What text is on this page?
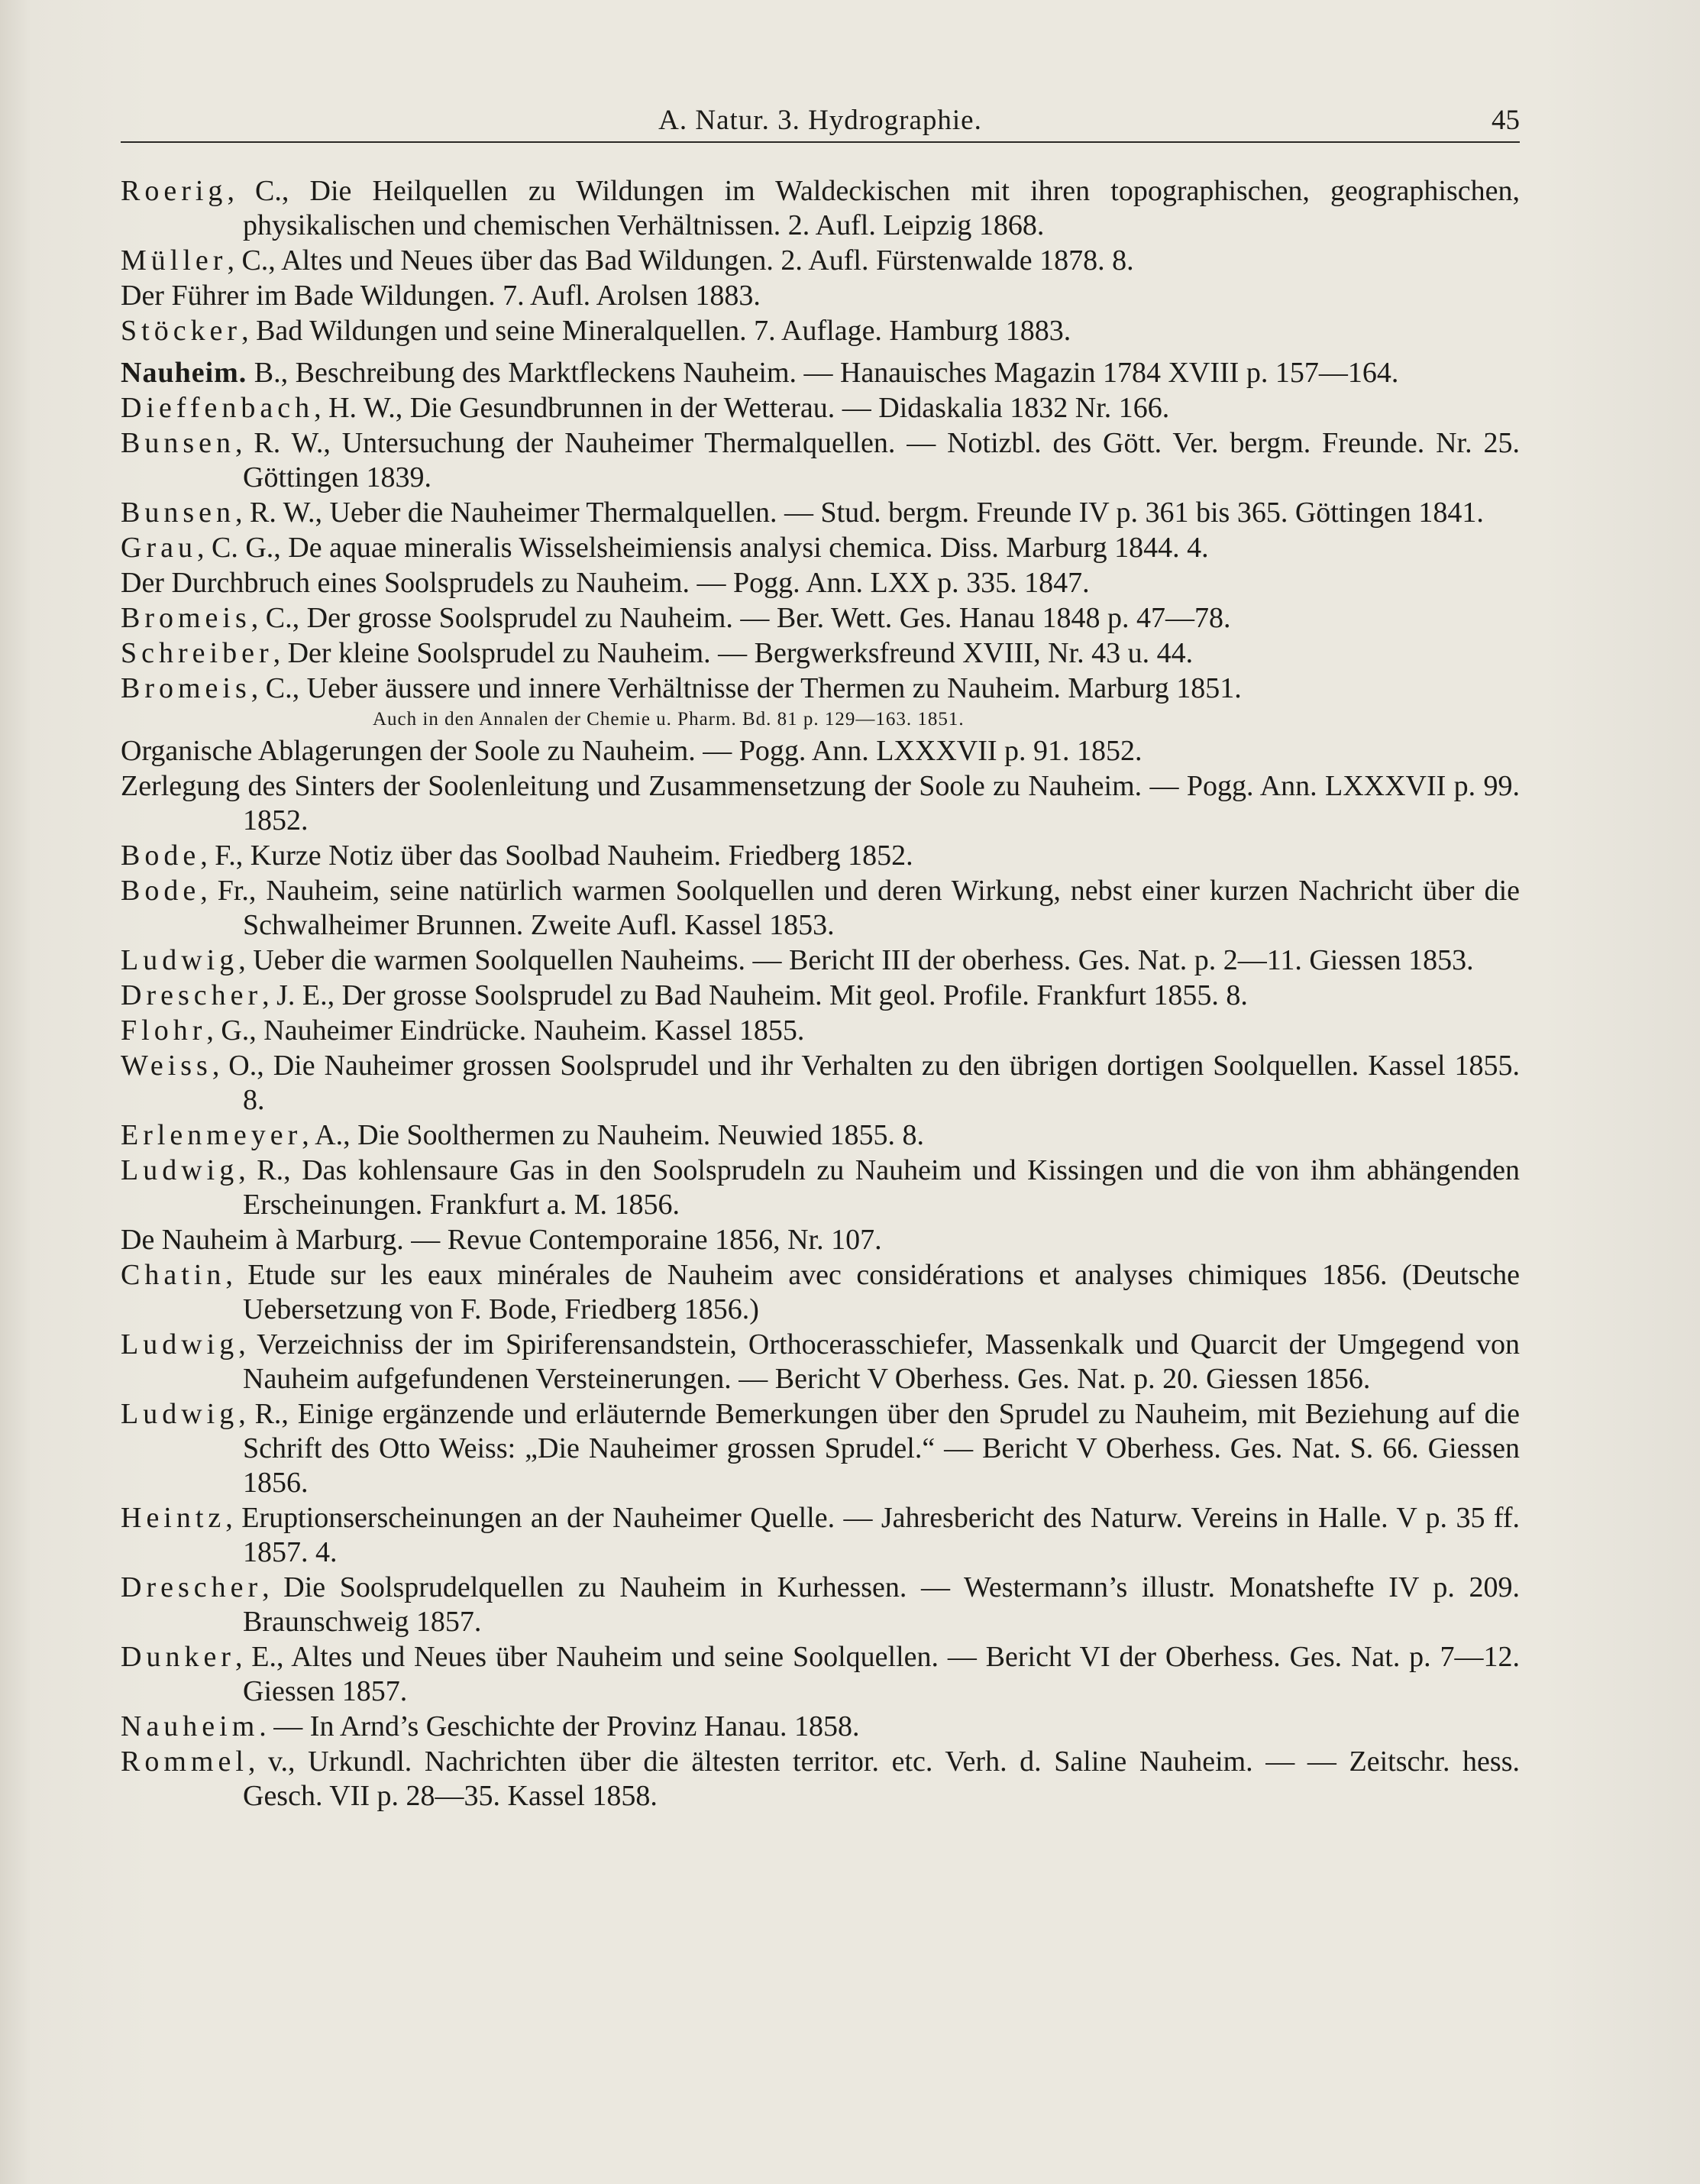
A. Natur. 3. Hydrographie.	45

Roerig, C., Die Heilquellen zu Wildungen im Waldeckischen mit ihren topographischen, geographischen, physikalischen und chemischen Verhältnissen. 2. Aufl. Leipzig 1868.

Müller, C., Altes und Neues über das Bad Wildungen. 2. Aufl. Fürstenwalde 1878. 8.

Der Führer im Bade Wildungen. 7. Aufl. Arolsen 1883.

Stöcker, Bad Wildungen und seine Mineralquellen. 7. Auflage. Hamburg 1883.

Nauheim. B., Beschreibung des Marktfleckens Nauheim. — Hanauisches Magazin 1784 XVIII p. 157—164.

Dieffenbach, H. W., Die Gesundbrunnen in der Wetterau. — Didaskalia 1832 Nr. 166.

Bunsen, R. W., Untersuchung der Nauheimer Thermalquellen. — Notizbl. des Gött. Ver. bergm. Freunde. Nr. 25. Göttingen 1839.

Bunsen, R. W., Ueber die Nauheimer Thermalquellen. — Stud. bergm. Freunde IV p. 361 bis 365. Göttingen 1841.

Grau, C. G., De aquae mineralis Wisselsheimiensis analysi chemica. Diss. Marburg 1844. 4.

Der Durchbruch eines Soolsprudels zu Nauheim. — Pogg. Ann. LXX p. 335. 1847.

Bromeis, C., Der grosse Soolsprudel zu Nauheim. — Ber. Wett. Ges. Hanau 1848 p. 47—78.

Schreiber, Der kleine Soolsprudel zu Nauheim. — Bergwerksfreund XVIII, Nr. 43 u. 44.

Bromeis, C., Ueber äussere und innere Verhältnisse der Thermen zu Nauheim. Marburg 1851.

Auch in den Annalen der Chemie u. Pharm. Bd. 81 p. 129—163. 1851.

Organische Ablagerungen der Soole zu Nauheim. — Pogg. Ann. LXXXVII p. 91. 1852.

Zerlegung des Sinters der Soolenleitung und Zusammensetzung der Soole zu Nauheim. — Pogg. Ann. LXXXVII p. 99. 1852.

Bode, F., Kurze Notiz über das Soolbad Nauheim. Friedberg 1852.

Bode, Fr., Nauheim, seine natürlich warmen Soolquellen und deren Wirkung, nebst einer kurzen Nachricht über die Schwalheimer Brunnen. Zweite Aufl. Kassel 1853.

Ludwig, Ueber die warmen Soolquellen Nauheims. — Bericht III der oberhess. Ges. Nat. p. 2—11. Giessen 1853.

Drescher, J. E., Der grosse Soolsprudel zu Bad Nauheim. Mit geol. Profile. Frankfurt 1855. 8.

Flohr, G., Nauheimer Eindrücke. Nauheim. Kassel 1855.

Weiss, O., Die Nauheimer grossen Soolsprudel und ihr Verhalten zu den übrigen dortigen Soolquellen. Kassel 1855. 8.

Erlenmeyer, A., Die Soolthermen zu Nauheim. Neuwied 1855. 8.

Ludwig, R., Das kohlensaure Gas in den Soolsprudeln zu Nauheim und Kissingen und die von ihm abhängenden Erscheinungen. Frankfurt a. M. 1856.

De Nauheim à Marburg. — Revue Contemporaine 1856, Nr. 107.

Chatin, Etude sur les eaux minérales de Nauheim avec considérations et analyses chimiques 1856. (Deutsche Uebersetzung von F. Bode, Friedberg 1856.)

Ludwig, Verzeichniss der im Spiriferensandstein, Orthocerasschiefer, Massenkalk und Quarcit der Umgegend von Nauheim aufgefundenen Versteinerungen. — Bericht V Oberhess. Ges. Nat. p. 20. Giessen 1856.

Ludwig, R., Einige ergänzende und erläuternde Bemerkungen über den Sprudel zu Nauheim, mit Beziehung auf die Schrift des Otto Weiss: „Die Nauheimer grossen Sprudel.“ — Bericht V Oberhess. Ges. Nat. S. 66. Giessen 1856.

Heintz, Eruptionserscheinungen an der Nauheimer Quelle. — Jahresbericht des Naturw. Vereins in Halle. V p. 35 ff. 1857. 4.

Drescher, Die Soolsprudelquellen zu Nauheim in Kurhessen. — Westermann’s illustr. Monatshefte IV p. 209. Braunschweig 1857.

Dunker, E., Altes und Neues über Nauheim und seine Soolquellen. — Bericht VI der Oberhess. Ges. Nat. p. 7—12. Giessen 1857.

Nauheim. — In Arnd’s Geschichte der Provinz Hanau. 1858.

Rommel, v., Urkundl. Nachrichten über die ältesten territor. etc. Verh. d. Saline Nauheim. — — Zeitschr. hess. Gesch. VII p. 28—35. Kassel 1858.
